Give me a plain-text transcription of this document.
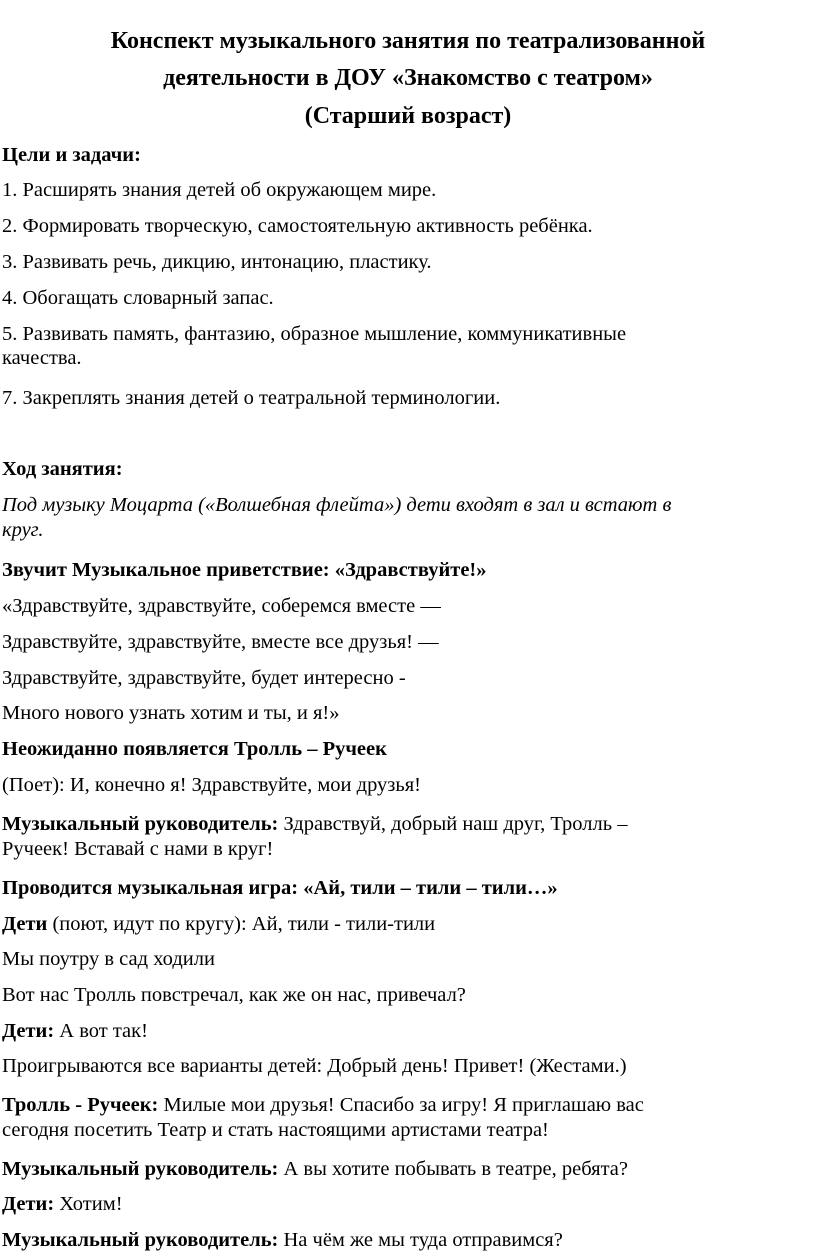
Конспект музыкального занятия по театрализованной
деятельности в ДОУ «Знакомство с театром»
(Старший возраст)
Цели и задачи:
1. Расширять знания детей об окружающем мире.
2. Формировать творческую, самостоятельную активность ребёнка.
3. Развивать речь, дикцию, интонацию, пластику.
4. Обогащать словарный запас.
5. Развивать память, фантазию, образное мышление, коммуникативные
качества.
7. Закреплять знания детей о театральной терминологии.
Ход занятия:
Под музыку Моцарта («Волшебная флейта») дети входят в зал и встают в
круг.
Звучит Музыкальное приветствие: «Здравствуйте!»
«Здравствуйте, здравствуйте, соберемся вместе —
Здравствуйте, здравствуйте, вместе все друзья! —
Здравствуйте, здравствуйте, будет интересно -
Много нового узнать хотим и ты, и я!»
Неожиданно появляется Тролль – Ручеек
(Поет): И, конечно я! Здравствуйте, мои друзья!
Музыкальный руководитель: Здравствуй, добрый наш друг, Тролль –
Ручеек! Вставай с нами в круг!
Проводится музыкальная игра: «Ай, тили – тили – тили…»
Дети (поют, идут по кругу): Ай, тили - тили-тили
Мы поутру в сад ходили
Вот нас Тролль повстречал, как же он нас, привечал?
Дети: А вот так!
Проигрываются все варианты детей: Добрый день! Привет! (Жестами.)
Тролль - Ручеек: Милые мои друзья! Спасибо за игру! Я приглашаю вас
сегодня посетить Театр и стать настоящими артистами театра!
Музыкальный руководитель: А вы хотите побывать в театре, ребята?
Дети: Хотим!
Музыкальный руководитель: На чём же мы туда отправимся?
